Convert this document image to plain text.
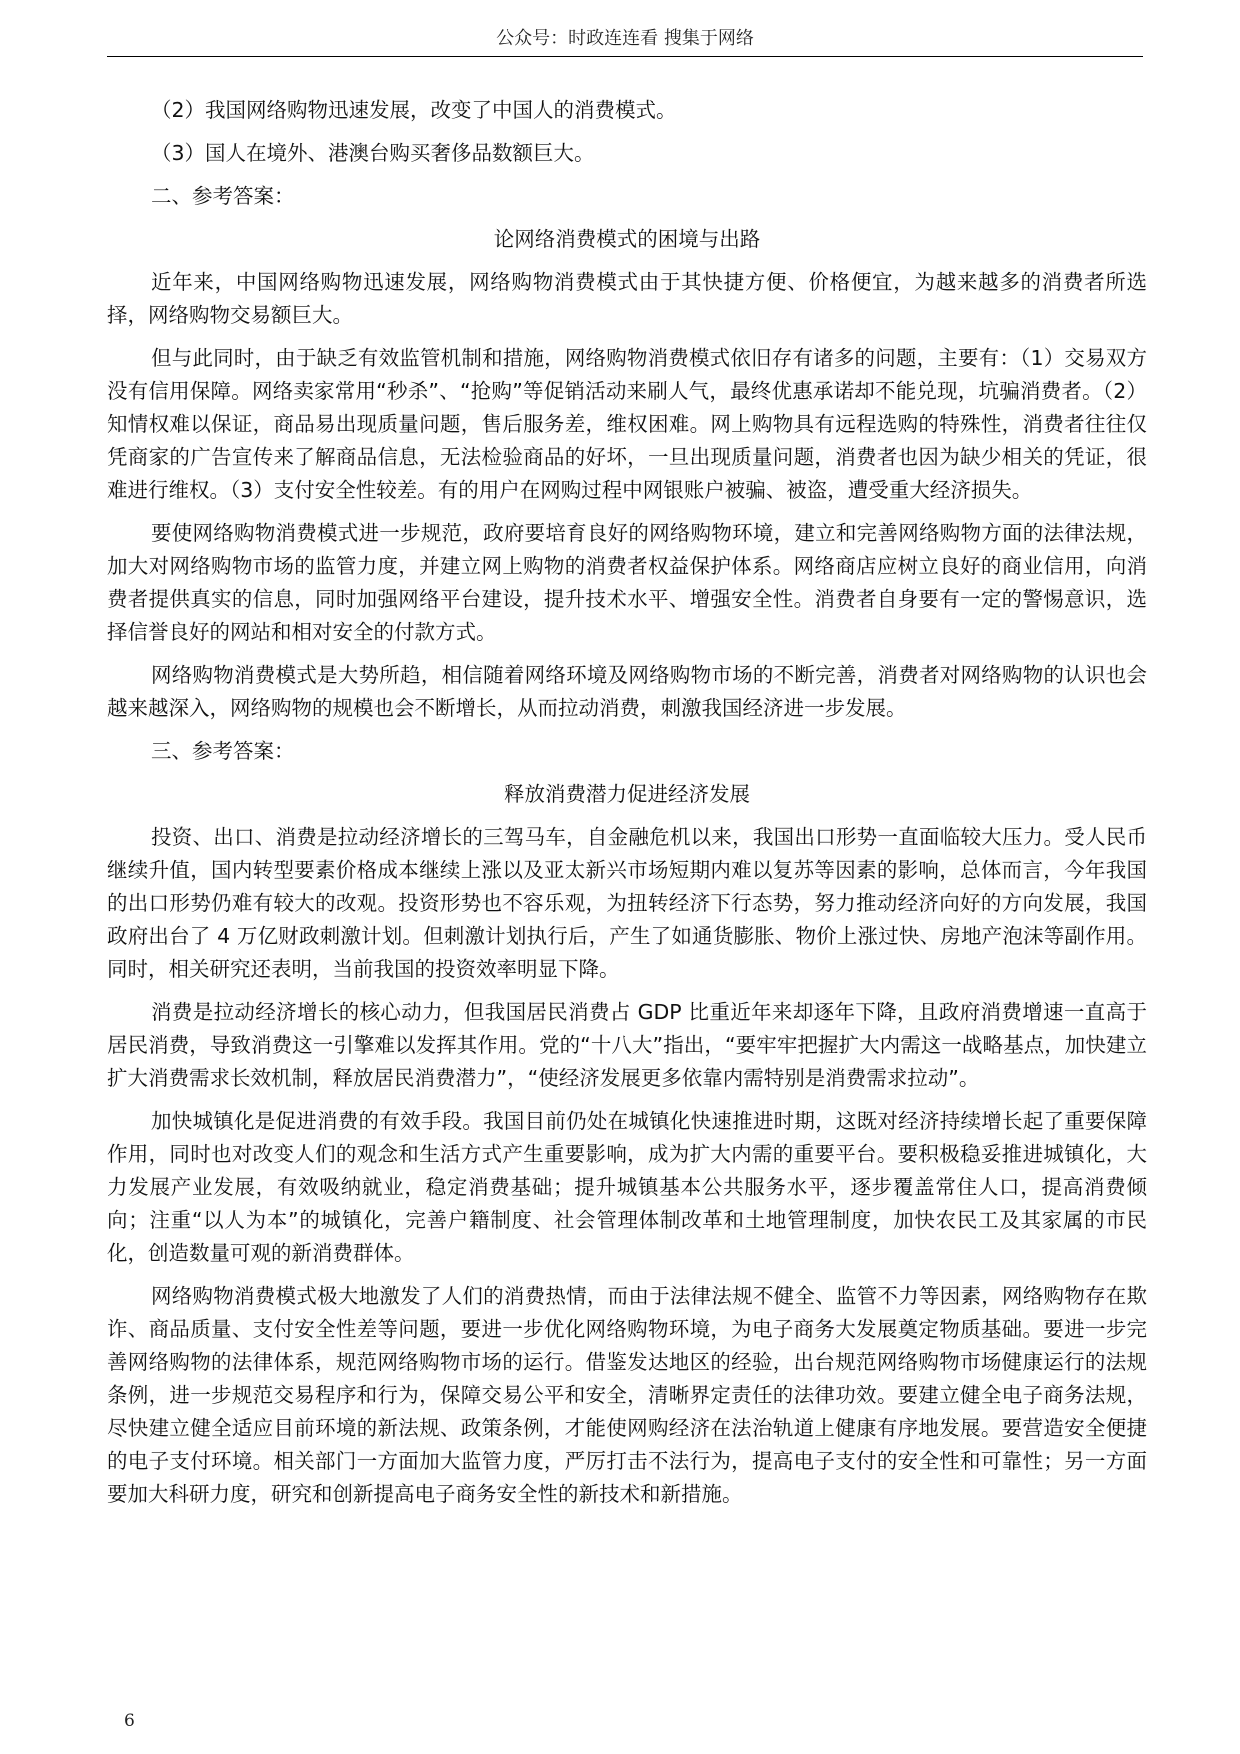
公众号：时政连连看 搜集于网络

（2）我国网络购物迅速发展，改变了中国人的消费模式。

（3）国人在境外、港澳台购买奢侈品数额巨大。

二、参考答案：

论网络消费模式的困境与出路

近年来，中国网络购物迅速发展，网络购物消费模式由于其快捷方便、价格便宜，为越来越多的消费者所选择，网络购物交易额巨大。

但与此同时，由于缺乏有效监管机制和措施，网络购物消费模式依旧存有诸多的问题，主要有：（1）交易双方没有信用保障。网络卖家常用“秒杀”、“抢购”等促销活动来刷人气，最终优惠承诺却不能兑现，坑骗消费者。（2）知情权难以保证，商品易出现质量问题，售后服务差，维权困难。网上购物具有远程选购的特殊性，消费者往往仅凭商家的广告宣传来了解商品信息，无法检验商品的好坏，一旦出现质量问题，消费者也因为缺少相关的凭证，很难进行维权。（3）支付安全性较差。有的用户在网购过程中网银账户被骗、被盗，遭受重大经济损失。

要使网络购物消费模式进一步规范，政府要培育良好的网络购物环境，建立和完善网络购物方面的法律法规，加大对网络购物市场的监管力度，并建立网上购物的消费者权益保护体系。网络商店应树立良好的商业信用，向消费者提供真实的信息，同时加强网络平台建设，提升技术水平、增强安全性。消费者自身要有一定的警惕意识，选择信誉良好的网站和相对安全的付款方式。

网络购物消费模式是大势所趋，相信随着网络环境及网络购物市场的不断完善，消费者对网络购物的认识也会越来越深入，网络购物的规模也会不断增长，从而拉动消费，刺激我国经济进一步发展。

三、参考答案：

释放消费潜力促进经济发展

投资、出口、消费是拉动经济增长的三驾马车，自金融危机以来，我国出口形势一直面临较大压力。受人民币继续升值，国内转型要素价格成本继续上涨以及亚太新兴市场短期内难以复苏等因素的影响，总体而言，今年我国的出口形势仍难有较大的改观。投资形势也不容乐观，为扭转经济下行态势，努力推动经济向好的方向发展，我国政府出台了 4 万亿财政刺激计划。但刺激计划执行后，产生了如通货膨胀、物价上涨过快、房地产泡沫等副作用。同时，相关研究还表明，当前我国的投资效率明显下降。

消费是拉动经济增长的核心动力，但我国居民消费占 GDP 比重近年来却逐年下降，且政府消费增速一直高于居民消费，导致消费这一引擎难以发挥其作用。党的“十八大”指出，“要牢牢把握扩大内需这一战略基点，加快建立扩大消费需求长效机制，释放居民消费潜力”，“使经济发展更多依靠内需特别是消费需求拉动”。

加快城镇化是促进消费的有效手段。我国目前仍处在城镇化快速推进时期，这既对经济持续增长起了重要保障作用，同时也对改变人们的观念和生活方式产生重要影响，成为扩大内需的重要平台。要积极稳妥推进城镇化，大力发展产业发展，有效吸纳就业，稳定消费基础；提升城镇基本公共服务水平，逐步覆盖常住人口，提高消费倾向；注重“以人为本”的城镇化，完善户籍制度、社会管理体制改革和土地管理制度，加快农民工及其家属的市民化，创造数量可观的新消费群体。

网络购物消费模式极大地激发了人们的消费热情，而由于法律法规不健全、监管不力等因素，网络购物存在欺诈、商品质量、支付安全性差等问题，要进一步优化网络购物环境，为电子商务大发展奠定物质基础。要进一步完善网络购物的法律体系，规范网络购物市场的运行。借鉴发达地区的经验，出台规范网络购物市场健康运行的法规条例，进一步规范交易程序和行为，保障交易公平和安全，清晰界定责任的法律功效。要建立健全电子商务法规，尽快建立健全适应目前环境的新法规、政策条例，才能使网购经济在法治轨道上健康有序地发展。要营造安全便捷的电子支付环境。相关部门一方面加大监管力度，严厉打击不法行为，提高电子支付的安全性和可靠性；另一方面要加大科研力度，研究和创新提高电子商务安全性的新技术和新措施。

6
